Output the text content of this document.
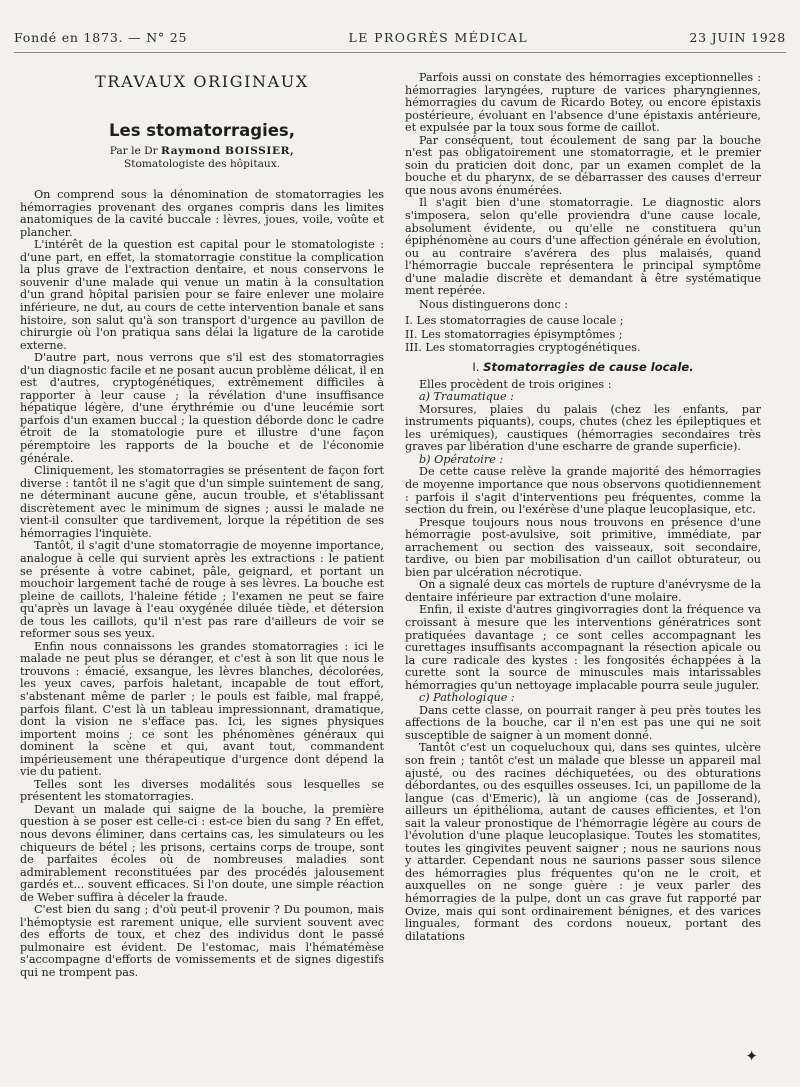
Fondé en 1873. — N° 25	LE PROGRÈS MÉDICAL	23 JUIN 1928
TRAVAUX ORIGINAUX
Les stomatorragies,
Par le Dr Raymond BOISSIER,
Stomatologiste des hôpitaux.

On comprend sous la dénomination de stomatorragies les hémorragies provenant des organes compris dans les limites anatomiques de la cavité buccale : lèvres, joues, voile, voûte et plancher.

L'intérêt de la question est capital pour le stomatologiste : d'une part, en effet, la stomatorragie constitue la complication la plus grave de l'extraction dentaire, et nous conservons le souvenir d'une malade qui venue un matin à la consultation d'un grand hôpital parisien pour se faire enlever une molaire inférieure, ne dut, au cours de cette intervention banale et sans histoire, son salut qu'à son transport d'urgence au pavillon de chirurgie où l'on pratiqua sans délai la ligature de la carotide externe.

D'autre part, nous verrons que s'il est des stomatorragies d'un diagnostic facile et ne posant aucun problème délicat, il en est d'autres, cryptogénétiques, extrêmement difficiles à rapporter à leur cause ; la révélation d'une insuffisance hépatique légère, d'une érythrémie ou d'une leucémie sort parfois d'un examen buccal ; la question déborde donc le cadre étroit de la stomatologie pure et illustre d'une façon péremptoire les rapports de la bouche et de l'économie générale.

Cliniquement, les stomatorragies se présentent de façon fort diverse : tantôt il ne s'agit que d'un simple suintement de sang, ne déterminant aucune gêne, aucun trouble, et s'établissant discrètement avec le minimum de signes ; aussi le malade ne vient-il consulter que tardivement, lorque la répétition de ses hémorragies l'inquiète.

Tantôt, il s'agit d'une stomatorragie de moyenne importance, analogue à celle qui survient après les extractions : le patient se présente à votre cabinet, pâle, geignard, et portant un mouchoir largement taché de rouge à ses lèvres. La bouche est pleine de caillots, l'haleine fétide ; l'examen ne peut se faire qu'après un lavage à l'eau oxygénée diluée tiède, et détersion de tous les caillots, qu'il n'est pas rare d'ailleurs de voir se reformer sous ses yeux.

Enfin nous connaissons les grandes stomatorragies : ici le malade ne peut plus se déranger, et c'est à son lit que nous le trouvons : émacié, exsangue, les lèvres blanches, décolorées, les yeux caves, parfois haletant, incapable de tout effort, s'abstenant même de parler ; le pouls est faible, mal frappé, parfois filant. C'est là un tableau impressionnant, dramatique, dont la vision ne s'efface pas. Ici, les signes physiques importent moins ; ce sont les phénomènes généraux qui dominent la scène et qui, avant tout, commandent impérieusement une thérapeutique d'urgence dont dépend la vie du patient.

Telles sont les diverses modalités sous lesquelles se présentent les stomatorragies.

Devant un malade qui saigne de la bouche, la première question à se poser est celle-ci : est-ce bien du sang ? En effet, nous devons éliminer, dans certains cas, les simulateurs ou les chiqueurs de bétel ; les prisons, certains corps de troupe, sont de parfaites écoles où de nombreuses maladies sont admirablement reconstituées par des procédés jalousement gardés et... souvent efficaces. Si l'on doute, une simple réaction de Weber suffira à déceler la fraude.

C'est bien du sang ; d'où peut-il provenir ? Du poumon, mais l'hémoptysie est rarement unique, elle survient souvent avec des efforts de toux, et chez des individus dont le passé pulmonaire est évident. De l'estomac, mais l'hématémèse s'accompagne d'efforts de vomissements et de signes digestifs qui ne trompent pas.

Parfois aussi on constate des hémorragies exceptionnelles : hémorragies laryngées, rupture de varices pharyngiennes, hémorragies du cavum de Ricardo Botey, ou encore épistaxis postérieure, évoluant en l'absence d'une épistaxis antérieure, et expulsée par la toux sous forme de caillot.

Par conséquent, tout écoulement de sang par la bouche n'est pas obligatoirement une stomatorragie, et le premier soin du praticien doit donc, par un examen complet de la bouche et du pharynx, de se débarrasser des causes d'erreur que nous avons énumérées.

Il s'agit bien d'une stomatorragie. Le diagnostic alors s'imposera, selon qu'elle proviendra d'une cause locale, absolument évidente, ou qu'elle ne constituera qu'un épiphénomène au cours d'une affection générale en évolution, ou au contraire s'avérera des plus malaisés, quand l'hémorragie buccale représentera le principal symptôme d'une maladie discrète et demandant à être systématique ment repérée.

Nous distinguerons donc :

I. Les stomatorragies de cause locale ;
II. Les stomatorragies épisymptômes ;
III. Les stomatorragies cryptogénétiques.
I. Stomatorragies de cause locale.

Elles procèdent de trois origines :

a) Traumatique :

Morsures, plaies du palais (chez les enfants, par instruments piquants), coups, chutes (chez les épileptiques et les urémiques), caustiques (hémorragies secondaires très graves par libération d'une escharre de grande superficie).

b) Opératoire :

De cette cause relève la grande majorité des hémorragies de moyenne importance que nous observons quotidiennement : parfois il s'agit d'interventions peu fréquentes, comme la section du frein, ou l'exérèse d'une plaque leucoplasique, etc.

Presque toujours nous nous trouvons en présence d'une hémorragie post-avulsive, soit primitive, immédiate, par arrachement ou section des vaisseaux, soit secondaire, tardive, ou bien par mobilisation d'un caillot obturateur, ou bien par ulcération nécrotique.

On a signalé deux cas mortels de rupture d'anévrysme de la dentaire inférieure par extraction d'une molaire.

Enfin, il existe d'autres gingivorragies dont la fréquence va croissant à mesure que les interventions génératrices sont pratiquées davantage ; ce sont celles accompagnant les curettages insuffisants accompagnant la résection apicale ou la cure radicale des kystes : les fongosités échappées à la curette sont la source de minuscules mais intarissables hémorragies qu'un nettoyage implacable pourra seule juguler.

c) Pathologique :

Dans cette classe, on pourrait ranger à peu près toutes les affections de la bouche, car il n'en est pas une qui ne soit susceptible de saigner à un moment donné.

Tantôt c'est un coqueluchoux qui, dans ses quintes, ulcère son frein ; tantôt c'est un malade que blesse un appareil mal ajusté, ou des racines déchiquetées, ou des obturations débordantes, ou des esquilles osseuses. Ici, un papillome de la langue (cas d'Emeric), là un angiome (cas de Josserand), ailleurs un épithélioma, autant de causes efficientes, et l'on sait la valeur pronostique de l'hémorragie légère au cours de l'évolution d'une plaque leucoplasique. Toutes les stomatites, toutes les gingivites peuvent saigner ; nous ne saurions nous y attarder. Cependant nous ne saurions passer sous silence des hémorragies plus fréquentes qu'on ne le croit, et auxquelles on ne songe guère : je veux parler des hémorragies de la pulpe, dont un cas grave fut rapporté par Ovize, mais qui sont ordinairement bénignes, et des varices linguales, formant des cordons noueux, portant des dilatations

✦
